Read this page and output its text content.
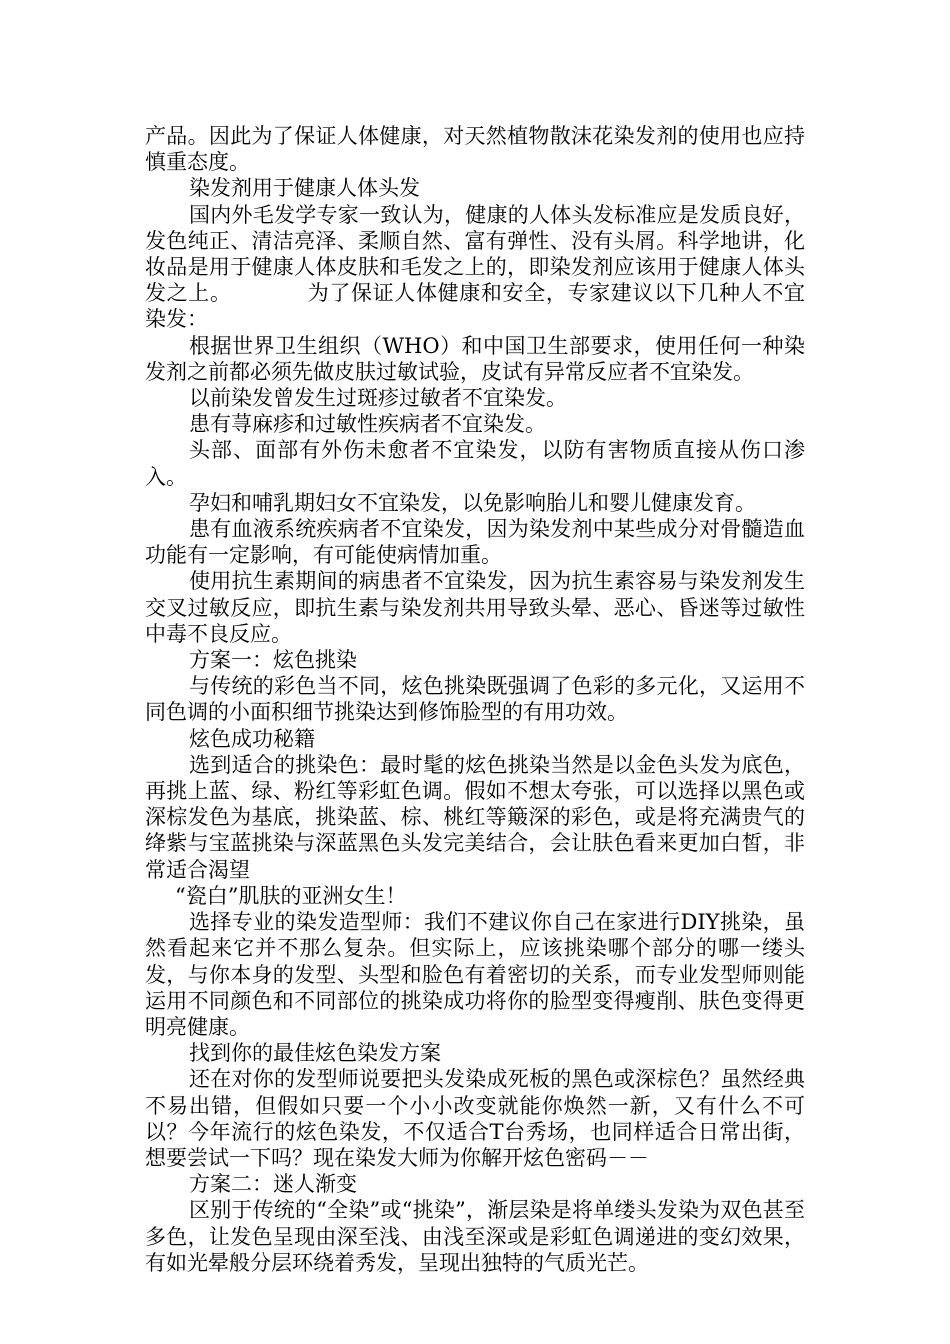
产品。因此为了保证人体健康，对天然植物散沫花染发剂的使用也应持慎重态度。

染发剂用于健康人体头发

国内外毛发学专家一致认为，健康的人体头发标准应是发质良好，发色纯正、清洁亮泽、柔顺自然、富有弹性、没有头屑。科学地讲，化妆品是用于健康人体皮肤和毛发之上的，即染发剂应该用于健康人体头发之上。　　　　为了保证人体健康和安全，专家建议以下几种人不宜染发：

根据世界卫生组织（WHO）和中国卫生部要求，使用任何一种染发剂之前都必须先做皮肤过敏试验，皮试有异常反应者不宜染发。

以前染发曾发生过斑疹过敏者不宜染发。

患有荨麻疹和过敏性疾病者不宜染发。

头部、面部有外伤未愈者不宜染发，以防有害物质直接从伤口渗入。

孕妇和哺乳期妇女不宜染发，以免影响胎儿和婴儿健康发育。

患有血液系统疾病者不宜染发，因为染发剂中某些成分对骨髓造血功能有一定影响，有可能使病情加重。

使用抗生素期间的病患者不宜染发，因为抗生素容易与染发剂发生交叉过敏反应，即抗生素与染发剂共用导致头晕、恶心、昏迷等过敏性中毒不良反应。

方案一：炫色挑染

与传统的彩色当不同，炫色挑染既强调了色彩的多元化，又运用不同色调的小面积细节挑染达到修饰脸型的有用功效。

炫色成功秘籍

选到适合的挑染色：最时髦的炫色挑染当然是以金色头发为底色，再挑上蓝、绿、粉红等彩虹色调。假如不想太夸张，可以选择以黑色或深棕发色为基底，挑染蓝、棕、桃红等簸深的彩色，或是将充满贵气的绛紫与宝蓝挑染与深蓝黑色头发完美结合，会让肤色看来更加白皙，非常适合渴望

“瓷白”肌肤的亚洲女生！

选择专业的染发造型师：我们不建议你自己在家进行DIY挑染，虽然看起来它并不那么复杂。但实际上，应该挑染哪个部分的哪一缕头发，与你本身的发型、头型和脸色有着密切的关系，而专业发型师则能运用不同颜色和不同部位的挑染成功将你的脸型变得瘦削、肤色变得更明亮健康。

找到你的最佳炫色染发方案

还在对你的发型师说要把头发染成死板的黑色或深棕色？虽然经典不易出错，但假如只要一个小小改变就能你焕然一新，又有什么不可以？今年流行的炫色染发，不仅适合T台秀场，也同样适合日常出街，想要尝试一下吗？现在染发大师为你解开炫色密码－－

方案二：迷人渐变

区别于传统的“全染”或“挑染”，渐层染是将单缕头发染为双色甚至多色，让发色呈现由深至浅、由浅至深或是彩虹色调递进的变幻效果，有如光晕般分层环绕着秀发，呈现出独特的气质光芒。
